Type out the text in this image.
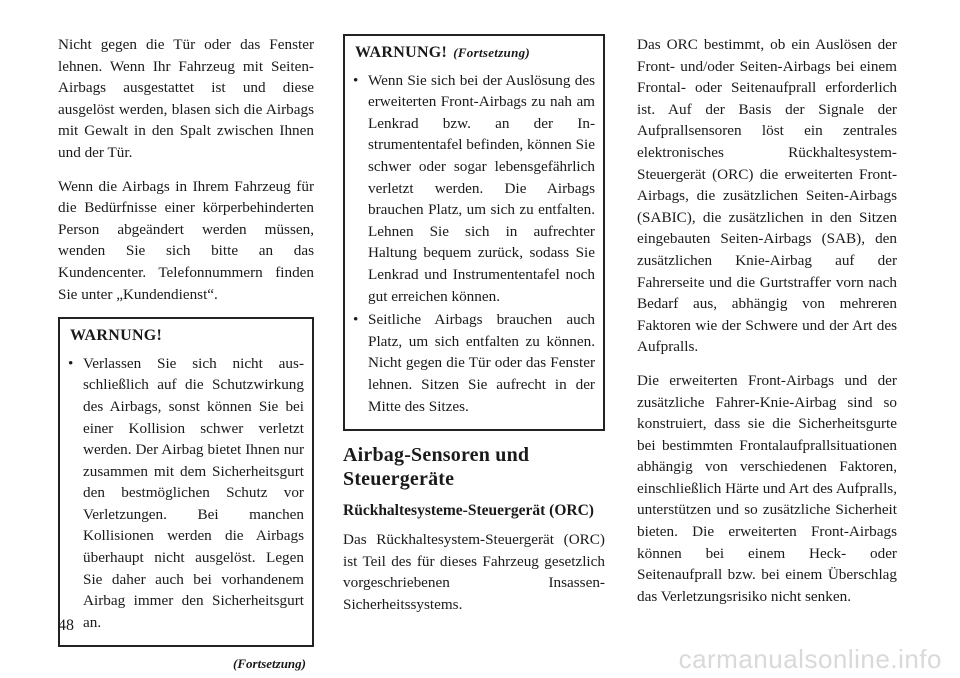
Nicht gegen die Tür oder das Fenster lehnen. Wenn Ihr Fahrzeug mit Seiten-Airbags ausgestattet ist und diese ausgelöst werden, blasen sich die Airbags mit Gewalt in den Spalt zwischen Ihnen und der Tür.

Wenn die Airbags in Ihrem Fahrzeug für die Bedürfnisse einer körperbehinderten Person abgeändert werden müssen, wenden Sie sich bitte an das Kundencenter. Telefonnummern finden Sie unter „Kundendienst“.

WARNUNG!
• Verlassen Sie sich nicht ausschließlich auf die Schutzwirkung des Airbags, sonst können Sie bei einer Kollision schwer verletzt werden. Der Airbag bietet Ihnen nur zusammen mit dem Sicherheitsgurt den bestmöglichen Schutz vor Verletzungen. Bei manchen Kollisionen werden die Airbags überhaupt nicht ausgelöst. Legen Sie daher auch bei vorhandenem Airbag immer den Sicherheitsgurt an.
(Fortsetzung)
WARNUNG! (Fortsetzung)
• Wenn Sie sich bei der Auslösung des erweiterten Front-Airbags zu nah am Lenkrad bzw. an der Instrumententafel befinden, können Sie schwer oder sogar lebensgefährlich verletzt werden. Die Airbags brauchen Platz, um sich zu entfalten. Lehnen Sie sich in aufrechter Haltung bequem zurück, sodass Sie Lenkrad und Instrumententafel noch gut erreichen können.
• Seitliche Airbags brauchen auch Platz, um sich entfalten zu können. Nicht gegen die Tür oder das Fenster lehnen. Sitzen Sie aufrecht in der Mitte des Sitzes.
Airbag-Sensoren und Steuergeräte
Rückhaltesysteme-Steuergerät (ORC)

Das Rückhaltesystem-Steuergerät (ORC) ist Teil des für dieses Fahrzeug gesetzlich vorgeschriebenen Insassen-Sicherheitssystems.

Das ORC bestimmt, ob ein Auslösen der Front- und/oder Seiten-Airbags bei einem Frontal- oder Seitenaufprall erforderlich ist. Auf der Basis der Signale der Aufprallsensoren löst ein zentrales elektronisches Rückhaltesystem-Steuergerät (ORC) die erweiterten Front-Airbags, die zusätzlichen Seiten-Airbags (SABIC), die zusätzlichen in den Sitzen eingebauten Seiten-Airbags (SAB), den zusätzlichen Knie-Airbag auf der Fahrerseite und die Gurtstraffer vorn nach Bedarf aus, abhängig von mehreren Faktoren wie der Schwere und der Art des Aufpralls.

Die erweiterten Front-Airbags und der zusätzliche Fahrer-Knie-Airbag sind so konstruiert, dass sie die Sicherheitsgurte bei bestimmten Frontalaufprallsituationen abhängig von verschiedenen Faktoren, einschließlich Härte und Art des Aufpralls, unterstützen und so zusätzliche Sicherheit bieten. Die erweiterten Front-Airbags können bei einem Heck- oder Seitenaufprall bzw. bei einem Überschlag das Verletzungsrisiko nicht senken.

48
carmanualsonline.info
